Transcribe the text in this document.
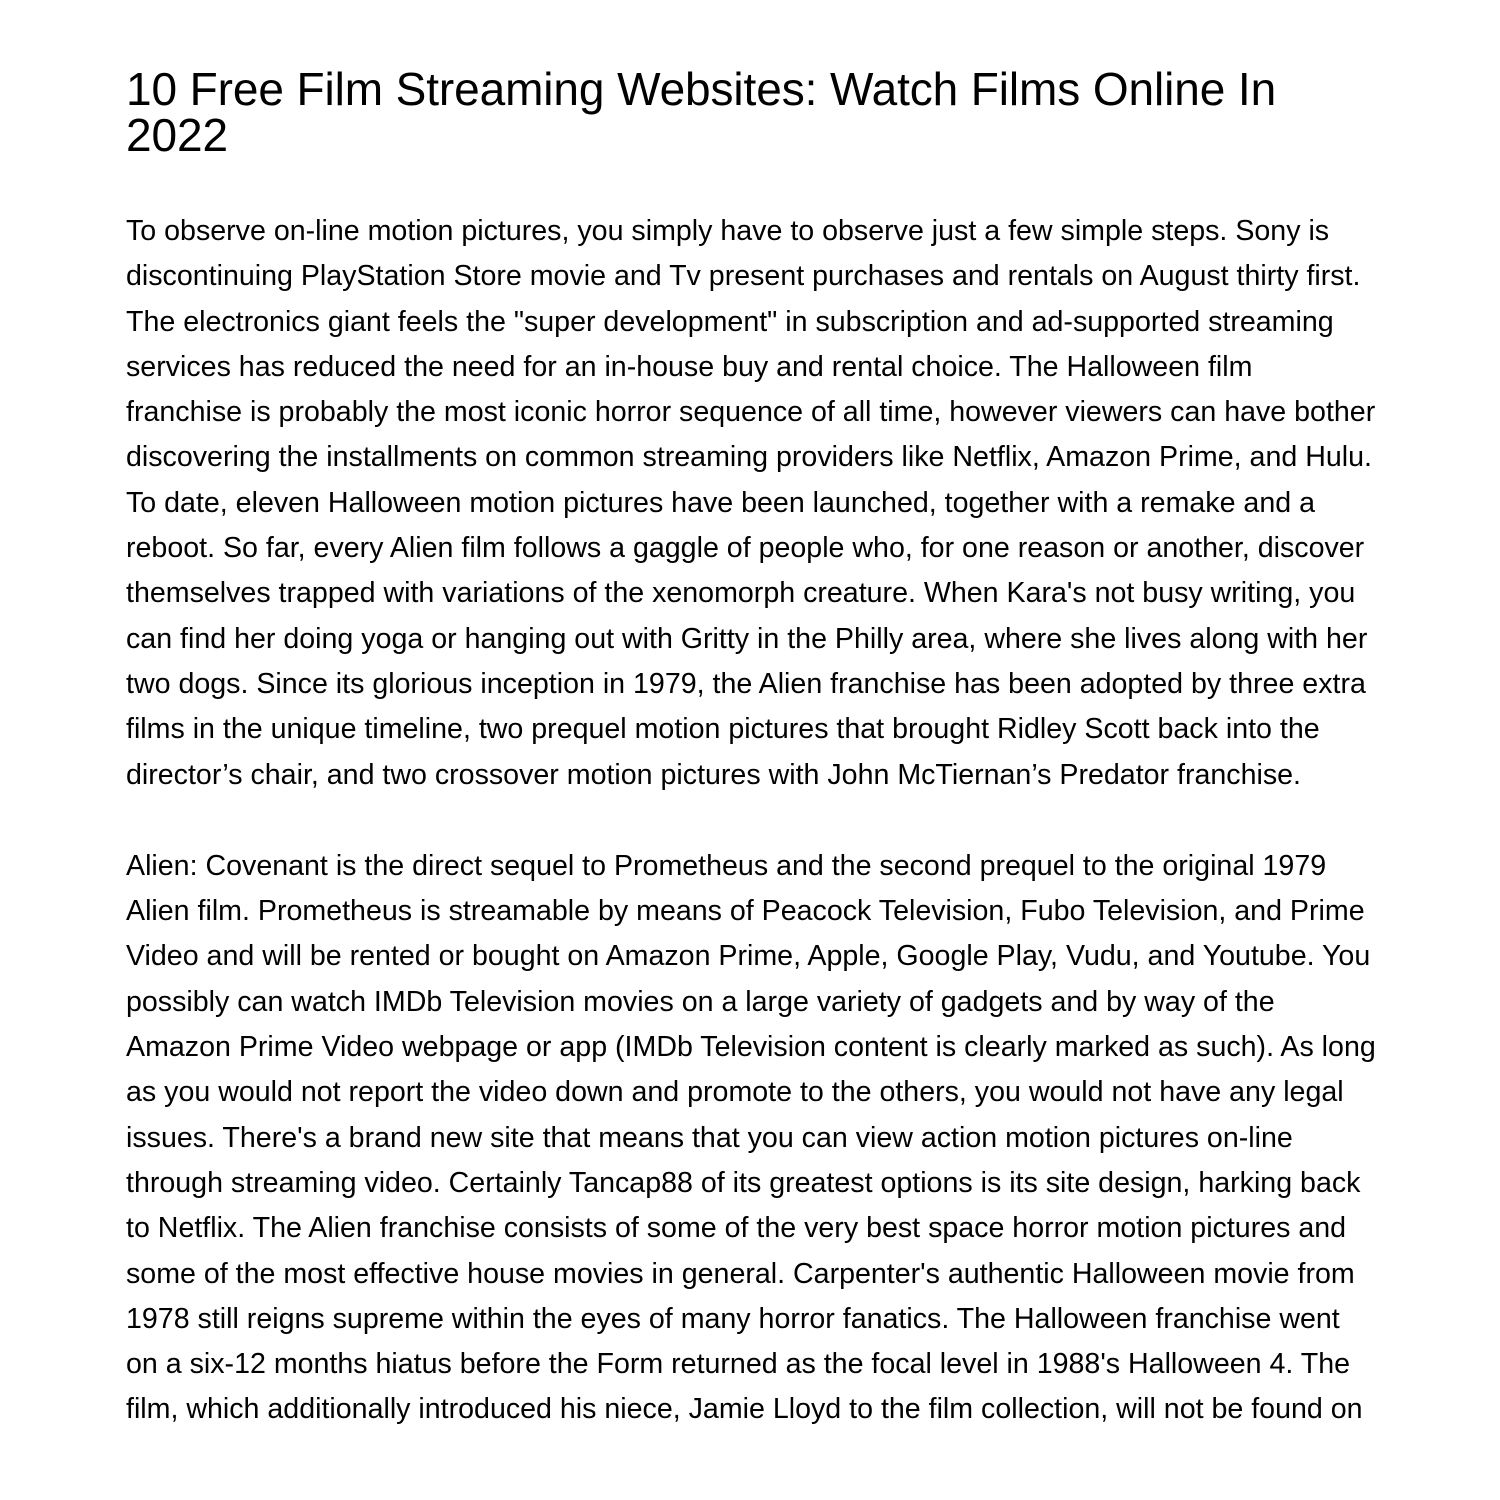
10 Free Film Streaming Websites: Watch Films Online In 2022

To observe on-line motion pictures, you simply have to observe just a few simple steps. Sony is discontinuing PlayStation Store movie and Tv present purchases and rentals on August thirty first. The electronics giant feels the "super development" in subscription and ad-supported streaming services has reduced the need for an in-house buy and rental choice. The Halloween film franchise is probably the most iconic horror sequence of all time, however viewers can have bother discovering the installments on common streaming providers like Netflix, Amazon Prime, and Hulu. To date, eleven Halloween motion pictures have been launched, together with a remake and a reboot. So far, every Alien film follows a gaggle of people who, for one reason or another, discover themselves trapped with variations of the xenomorph creature. When Kara's not busy writing, you can find her doing yoga or hanging out with Gritty in the Philly area, where she lives along with her two dogs. Since its glorious inception in 1979, the Alien franchise has been adopted by three extra films in the unique timeline, two prequel motion pictures that brought Ridley Scott back into the director’s chair, and two crossover motion pictures with John McTiernan’s Predator franchise.

Alien: Covenant is the direct sequel to Prometheus and the second prequel to the original 1979 Alien film. Prometheus is streamable by means of Peacock Television, Fubo Television, and Prime Video and will be rented or bought on Amazon Prime, Apple, Google Play, Vudu, and Youtube. You possibly can watch IMDb Television movies on a large variety of gadgets and by way of the Amazon Prime Video webpage or app (IMDb Television content is clearly marked as such). As long as you would not report the video down and promote to the others, you would not have any legal issues. There's a brand new site that means that you can view action motion pictures on-line through streaming video. Certainly Tancap88 of its greatest options is its site design, harking back to Netflix. The Alien franchise consists of some of the very best space horror motion pictures and some of the most effective house movies in general. Carpenter's authentic Halloween movie from 1978 still reigns supreme within the eyes of many horror fanatics. The Halloween franchise went on a six-12 months hiatus before the Form returned as the focal level in 1988's Halloween 4. The film, which additionally introduced his niece, Jamie Lloyd to the film collection, will not be found on
